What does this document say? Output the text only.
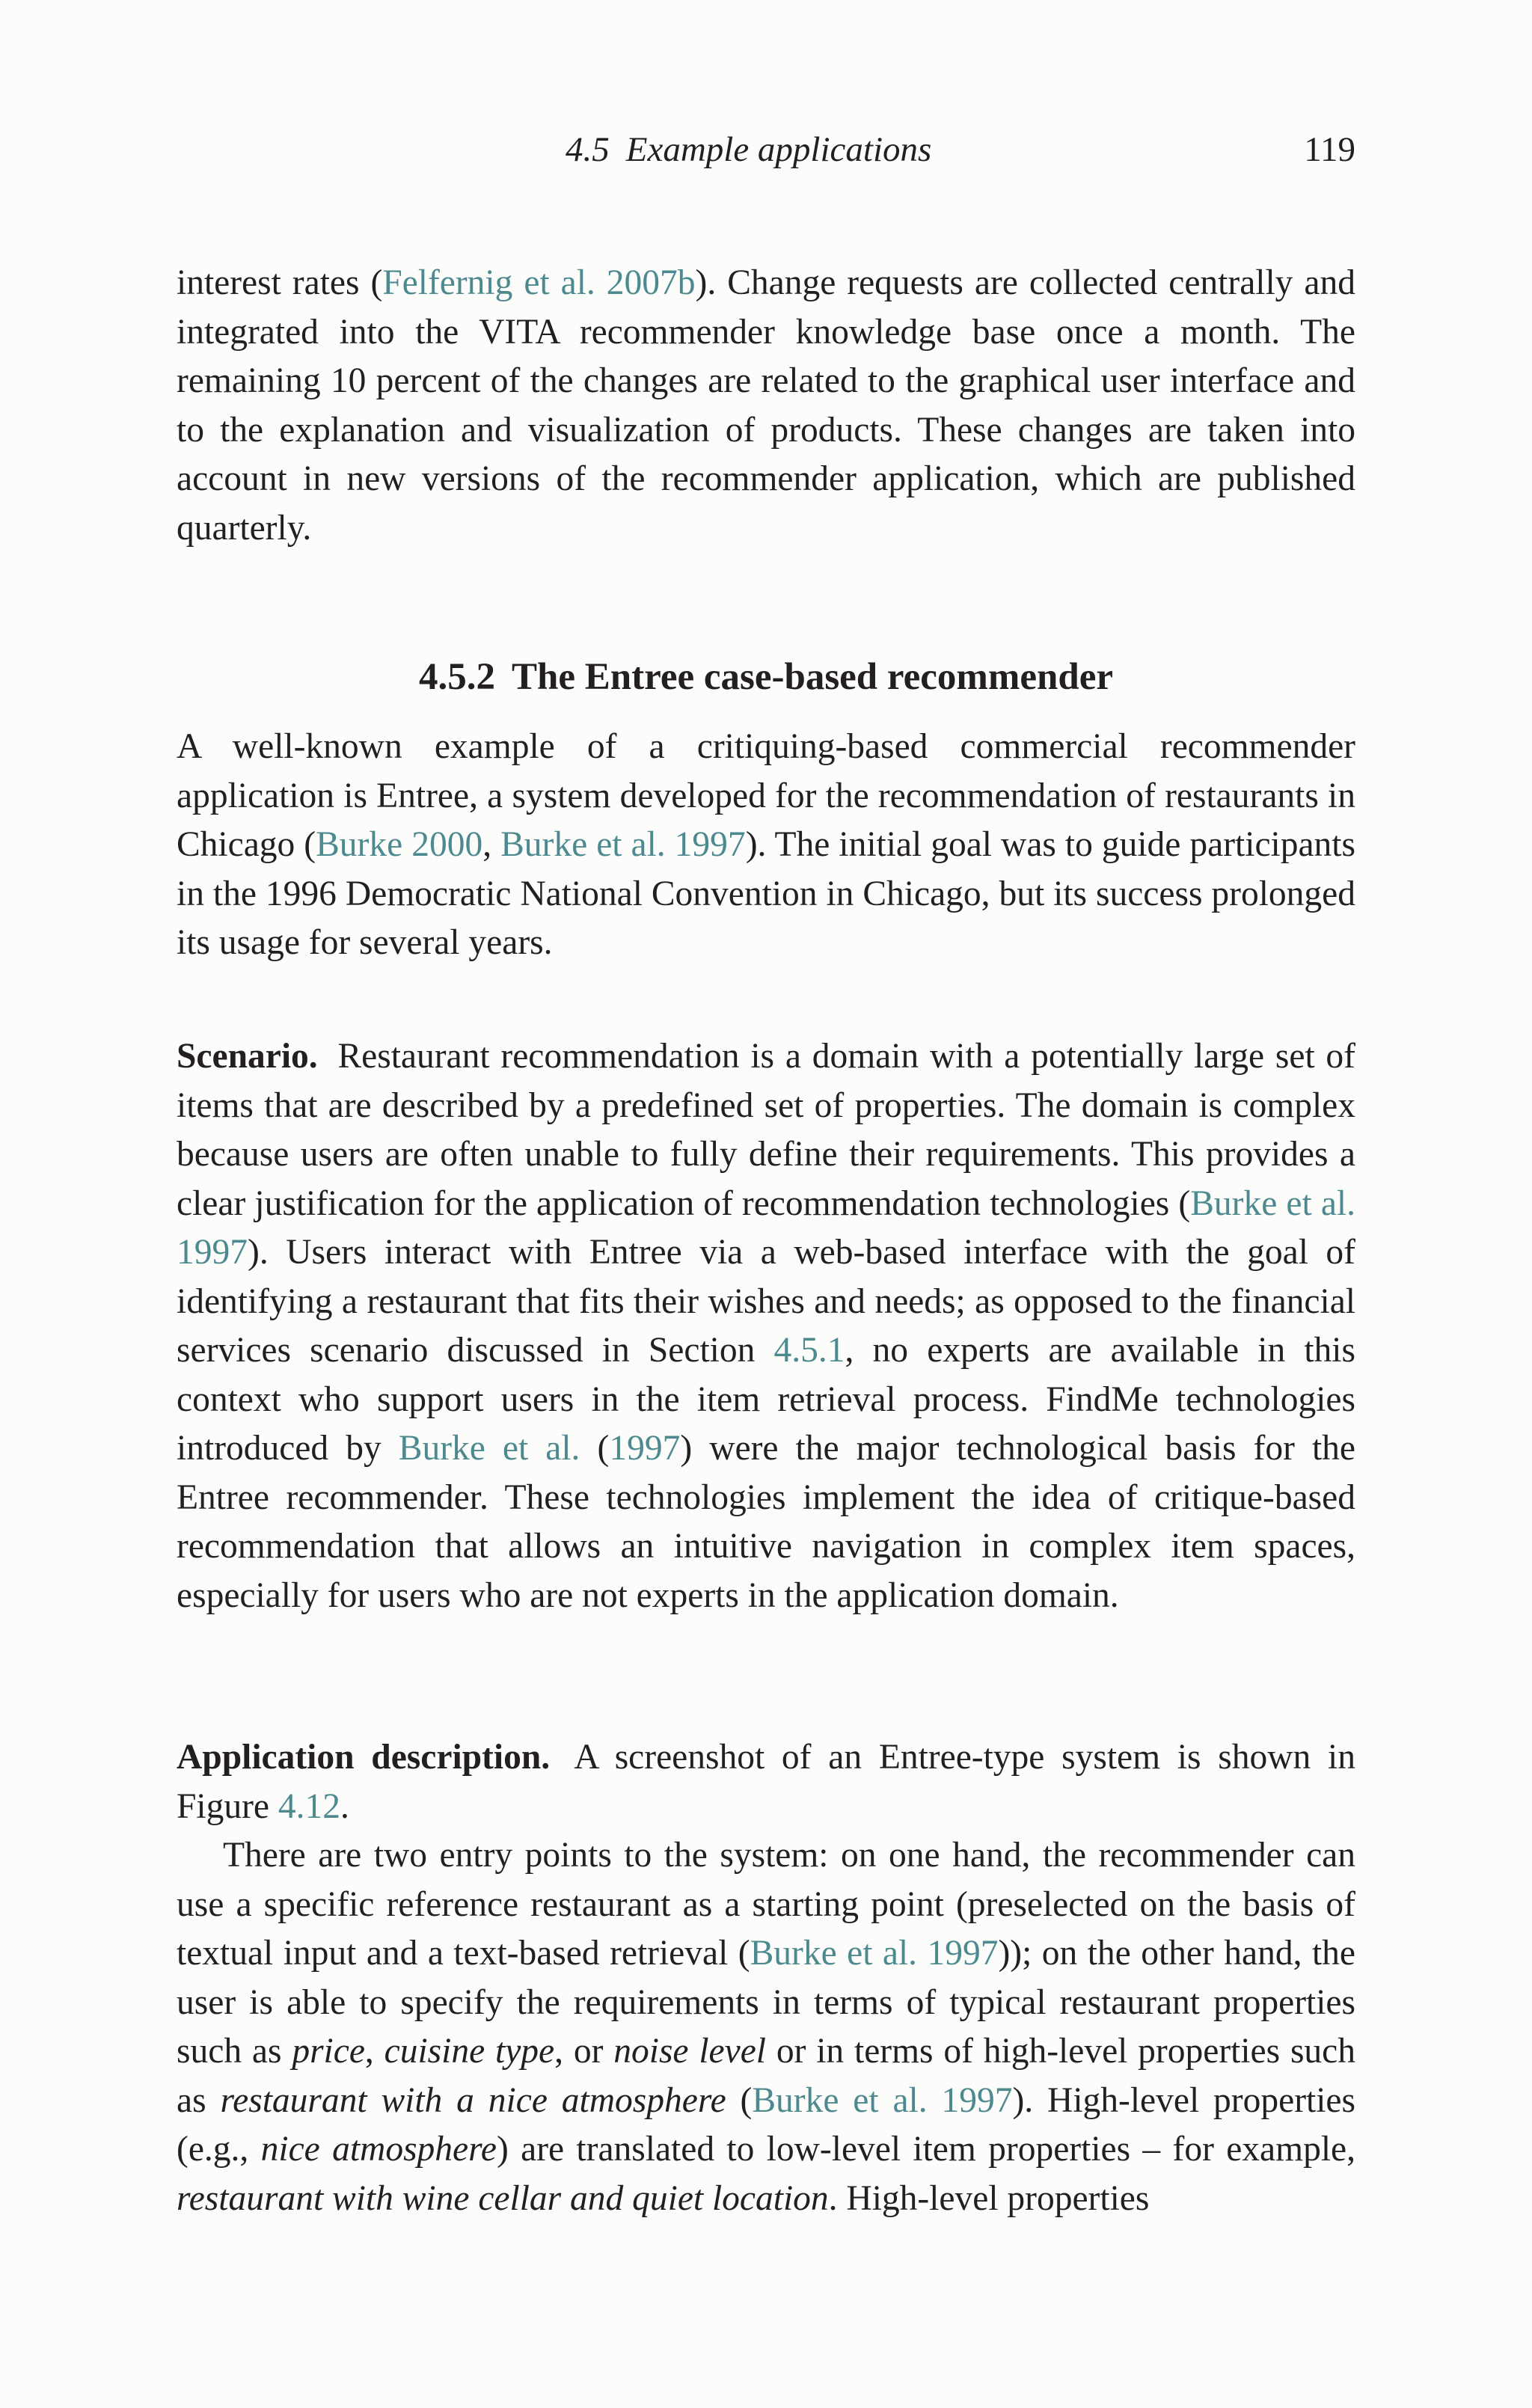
4.5 Example applications	119

interest rates (Felfernig et al. 2007b). Change requests are collected centrally and integrated into the VITA recommender knowledge base once a month. The remaining 10 percent of the changes are related to the graphical user interface and to the explanation and visualization of products. These changes are taken into account in new versions of the recommender application, which are published quarterly.

4.5.2 The Entree case-based recommender

A well-known example of a critiquing-based commercial recommender application is Entree, a system developed for the recommendation of restaurants in Chicago (Burke 2000, Burke et al. 1997). The initial goal was to guide participants in the 1996 Democratic National Convention in Chicago, but its success prolonged its usage for several years.

Scenario. Restaurant recommendation is a domain with a potentially large set of items that are described by a predefined set of properties. The domain is complex because users are often unable to fully define their requirements. This provides a clear justification for the application of recommendation technologies (Burke et al. 1997). Users interact with Entree via a web-based interface with the goal of identifying a restaurant that fits their wishes and needs; as opposed to the financial services scenario discussed in Section 4.5.1, no experts are available in this context who support users in the item retrieval process. FindMe technologies introduced by Burke et al. (1997) were the major technological basis for the Entree recommender. These technologies implement the idea of critique-based recommendation that allows an intuitive navigation in complex item spaces, especially for users who are not experts in the application domain.

Application description. A screenshot of an Entree-type system is shown in Figure 4.12.

There are two entry points to the system: on one hand, the recommender can use a specific reference restaurant as a starting point (preselected on the basis of textual input and a text-based retrieval (Burke et al. 1997)); on the other hand, the user is able to specify the requirements in terms of typical restaurant properties such as price, cuisine type, or noise level or in terms of high-level properties such as restaurant with a nice atmosphere (Burke et al. 1997). High-level properties (e.g., nice atmosphere) are translated to low-level item properties – for example, restaurant with wine cellar and quiet location. High-level properties
